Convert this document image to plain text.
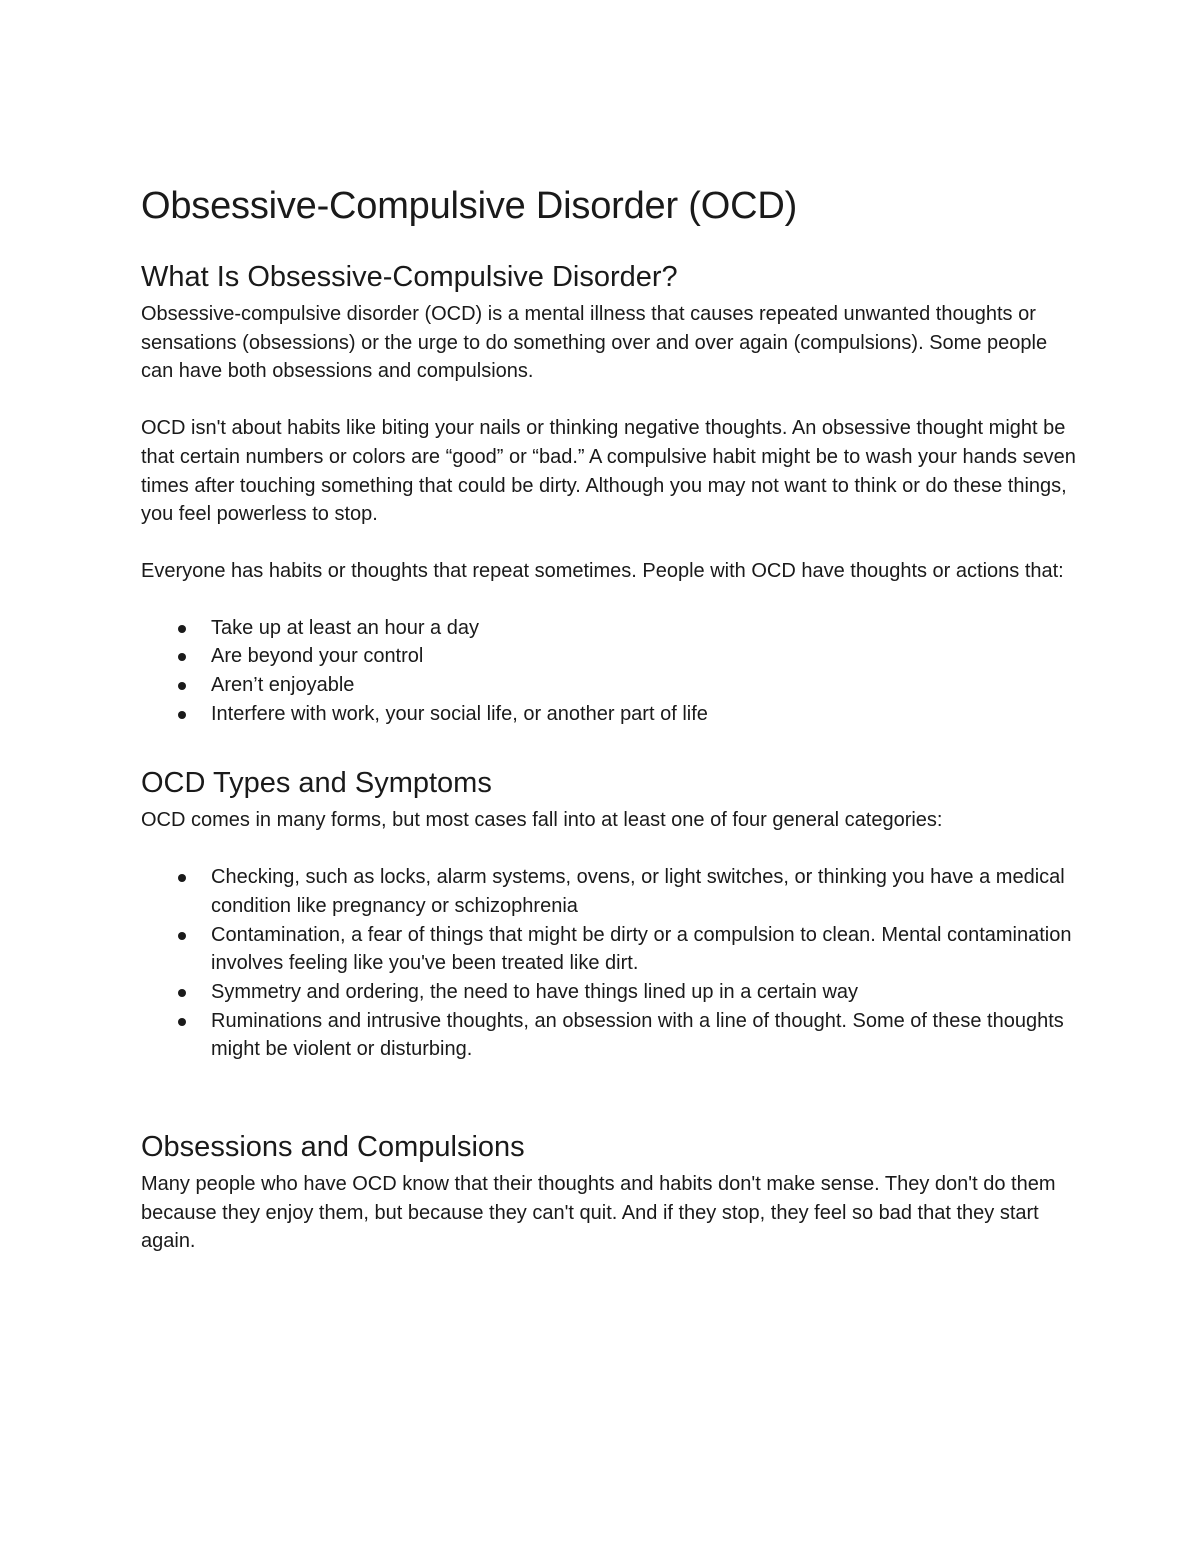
Obsessive-Compulsive Disorder (OCD)
What Is Obsessive-Compulsive Disorder?

Obsessive-compulsive disorder (OCD) is a mental illness that causes repeated unwanted thoughts or sensations (obsessions) or the urge to do something over and over again (compulsions). Some people can have both obsessions and compulsions.

OCD isn't about habits like biting your nails or thinking negative thoughts. An obsessive thought might be that certain numbers or colors are “good” or “bad.” A compulsive habit might be to wash your hands seven times after touching something that could be dirty. Although you may not want to think or do these things, you feel powerless to stop.

Everyone has habits or thoughts that repeat sometimes. People with OCD have thoughts or actions that:

Take up at least an hour a day
Are beyond your control
Aren’t enjoyable
Interfere with work, your social life, or another part of life
OCD Types and Symptoms

OCD comes in many forms, but most cases fall into at least one of four general categories:

Checking, such as locks, alarm systems, ovens, or light switches, or thinking you have a medical condition like pregnancy or schizophrenia
Contamination, a fear of things that might be dirty or a compulsion to clean. Mental contamination involves feeling like you've been treated like dirt.
Symmetry and ordering, the need to have things lined up in a certain way
Ruminations and intrusive thoughts, an obsession with a line of thought. Some of these thoughts might be violent or disturbing.
Obsessions and Compulsions

Many people who have OCD know that their thoughts and habits don't make sense. They don't do them because they enjoy them, but because they can't quit. And if they stop, they feel so bad that they start again.
